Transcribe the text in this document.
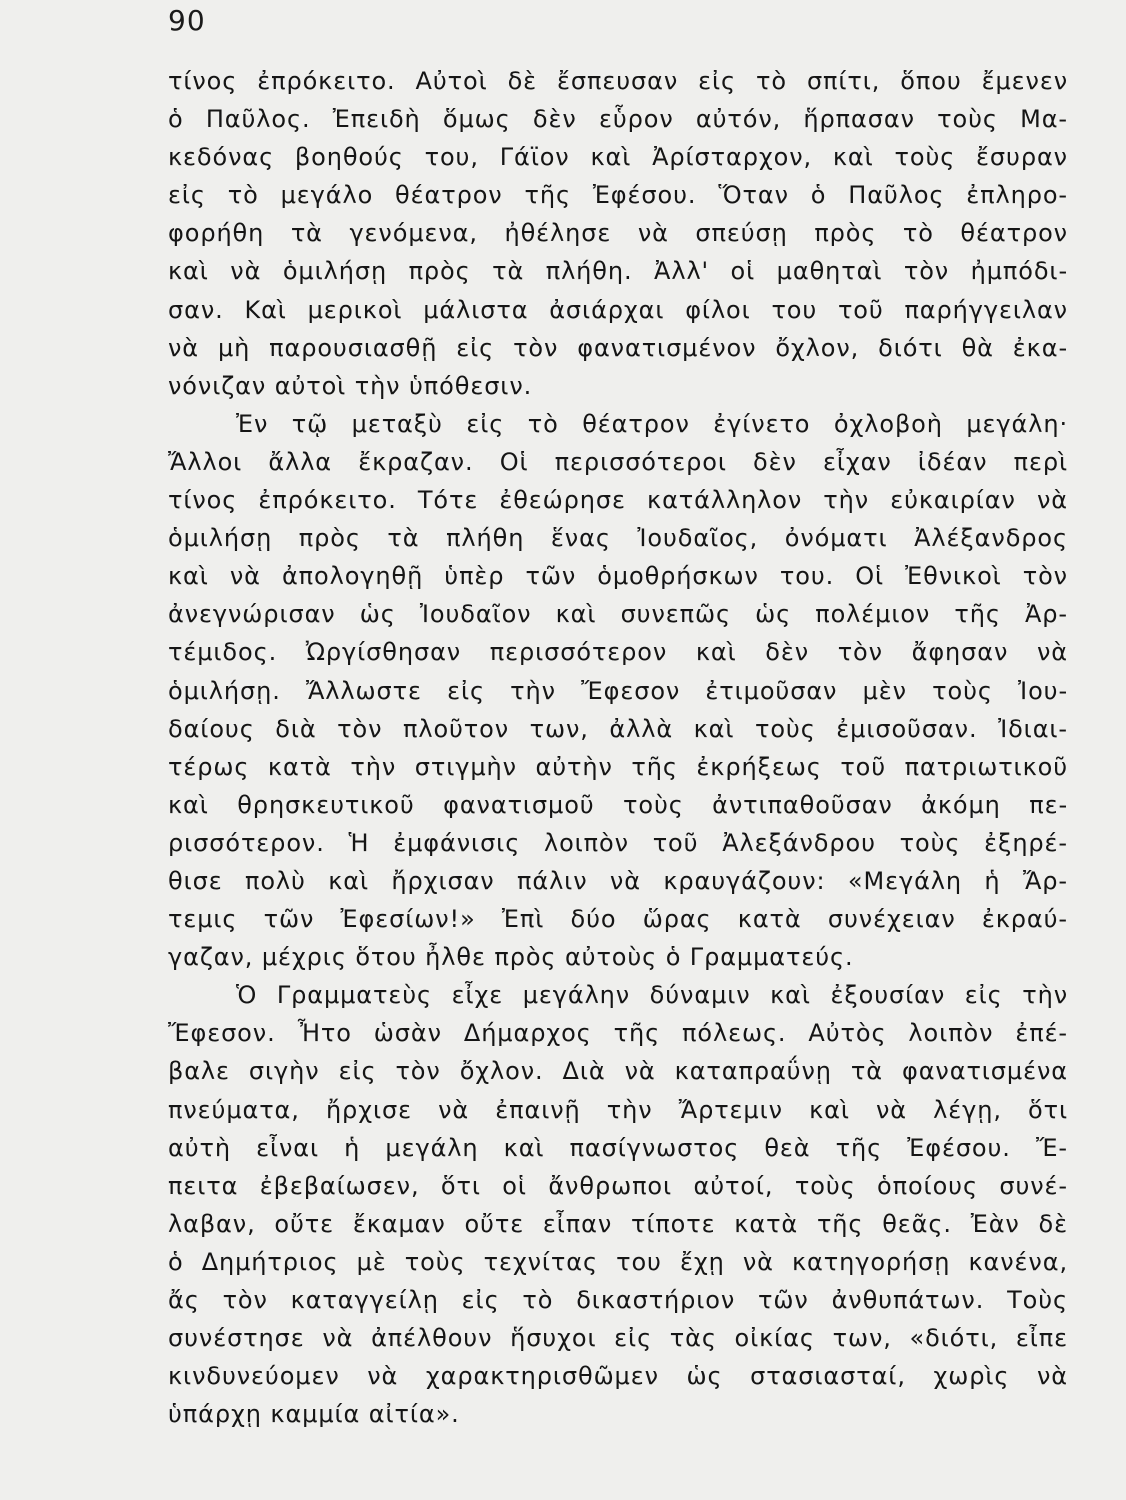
90
τίνος ἐπρόκειτο. Αὐτοὶ δὲ ἔσπευσαν εἰς τὸ σπίτι, ὅπου ἔμενεν
ὁ Παῦλος. Ἐπειδὴ ὅμως δὲν εὗρον αὐτόν, ἥρπασαν τοὺς Μα-
κεδόνας βοηθούς του, Γάϊον καὶ Ἀρίσταρχον, καὶ τοὺς ἔσυραν
εἰς τὸ μεγάλο θέατρον τῆς Ἐφέσου. Ὅταν ὁ Παῦλος ἐπληρο-
φορήθη τὰ γενόμενα, ἠθέλησε νὰ σπεύσῃ πρὸς τὸ θέατρον
καὶ νὰ ὁμιλήσῃ πρὸς τὰ πλήθη. Ἀλλ' οἱ μαθηταὶ τὸν ἠμπόδι-
σαν. Καὶ μερικοὶ μάλιστα ἀσιάρχαι φίλοι του τοῦ παρήγγειλαν
νὰ μὴ παρουσιασθῇ εἰς τὸν φανατισμένον ὄχλον, διότι θὰ ἐκα-
νόνιζαν αὐτοὶ τὴν ὑπόθεσιν.
Ἐν τῷ μεταξὺ εἰς τὸ θέατρον ἐγίνετο ὀχλοβοὴ μεγάλη·
Ἄλλοι ἄλλα ἔκραζαν. Οἱ περισσότεροι δὲν εἶχαν ἰδέαν περὶ
τίνος ἐπρόκειτο. Τότε ἐθεώρησε κατάλληλον τὴν εὐκαιρίαν νὰ
ὁμιλήσῃ πρὸς τὰ πλήθη ἕνας Ἰουδαῖος, ὀνόματι Ἀλέξανδρος
καὶ νὰ ἀπολογηθῇ ὑπὲρ τῶν ὁμοθρήσκων του. Οἱ Ἐθνικοὶ τὸν
ἀνεγνώρισαν ὡς Ἰουδαῖον καὶ συνεπῶς ὡς πολέμιον τῆς Ἀρ-
τέμιδος. Ὠργίσθησαν περισσότερον καὶ δὲν τὸν ἄφησαν νὰ
ὁμιλήσῃ. Ἄλλωστε εἰς τὴν Ἔφεσον ἐτιμοῦσαν μὲν τοὺς Ἰου-
δαίους διὰ τὸν πλοῦτον των, ἀλλὰ καὶ τοὺς ἐμισοῦσαν. Ἰδιαι-
τέρως κατὰ τὴν στιγμὴν αὐτὴν τῆς ἐκρήξεως τοῦ πατριωτικοῦ
καὶ θρησκευτικοῦ φανατισμοῦ τοὺς ἀντιπαθοῦσαν ἀκόμη πε-
ρισσότερον. Ἡ ἐμφάνισις λοιπὸν τοῦ Ἀλεξάνδρου τοὺς ἐξηρέ-
θισε πολὺ καὶ ἤρχισαν πάλιν νὰ κραυγάζουν: «Μεγάλη ἡ Ἄρ-
τεμις τῶν Ἐφεσίων!» Ἐπὶ δύο ὥρας κατὰ συνέχειαν ἐκραύ-
γαζαν, μέχρις ὅτου ἦλθε πρὸς αὐτοὺς ὁ Γραμματεύς.
Ὁ Γραμματεὺς εἶχε μεγάλην δύναμιν καὶ ἐξουσίαν εἰς τὴν
Ἔφεσον. Ἦτο ὡσὰν Δήμαρχος τῆς πόλεως. Αὐτὸς λοιπὸν ἐπέ-
βαλε σιγὴν εἰς τὸν ὄχλον. Διὰ νὰ καταπραΰνῃ τὰ φανατισμένα
πνεύματα, ἤρχισε νὰ ἐπαινῇ τὴν Ἄρτεμιν καὶ νὰ λέγῃ, ὅτι
αὐτὴ εἶναι ἡ μεγάλη καὶ πασίγνωστος θεὰ τῆς Ἐφέσου. Ἔ-
πειτα ἐβεβαίωσεν, ὅτι οἱ ἄνθρωποι αὐτοί, τοὺς ὁποίους συνέ-
λαβαν, οὔτε ἔκαμαν οὔτε εἶπαν τίποτε κατὰ τῆς θεᾶς. Ἐὰν δὲ
ὁ Δημήτριος μὲ τοὺς τεχνίτας του ἔχῃ νὰ κατηγορήσῃ κανένα,
ἄς τὸν καταγγείλῃ εἰς τὸ δικαστήριον τῶν ἀνθυπάτων. Τοὺς
συνέστησε νὰ ἀπέλθουν ἥσυχοι εἰς τὰς οἰκίας των, «διότι, εἶπε
κινδυνεύομεν νὰ χαρακτηρισθῶμεν ὡς στασιασταί, χωρὶς νὰ
ὑπάρχῃ καμμία αἰτία».
